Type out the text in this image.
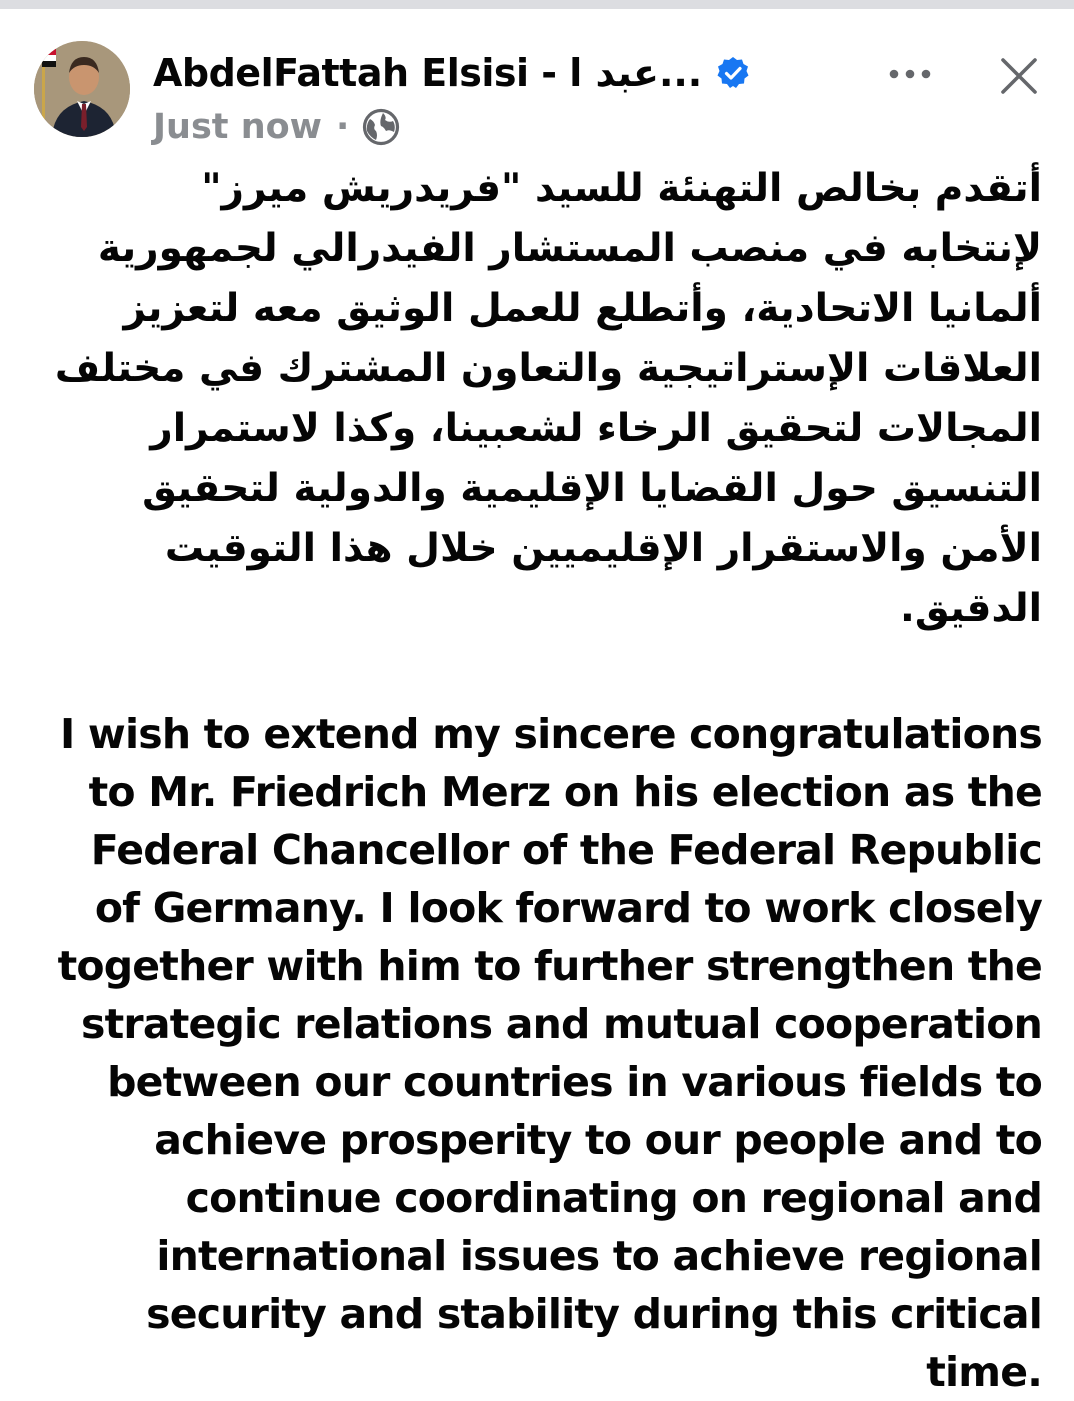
AbdelFattah Elsisi - عبد ا...
Just now ·
أتقدم بخالص التهنئة للسيد "فريدريش ميرز"
لإنتخابه في منصب المستشار الفيدرالي لجمهورية
ألمانيا الاتحادية، وأتطلع للعمل الوثيق معه لتعزيز
العلاقات الإستراتيجية والتعاون المشترك في مختلف
المجالات لتحقيق الرخاء لشعبينا، وكذا لاستمرار
التنسيق حول القضايا الإقليمية والدولية لتحقيق
الأمن والاستقرار الإقليميين خلال هذا التوقيت
الدقيق.
I wish to extend my sincere congratulations
to Mr. Friedrich Merz on his election as the
Federal Chancellor of the Federal Republic
of Germany. I look forward to work closely
together with him to further strengthen the
strategic relations and mutual cooperation
between our countries in various fields to
achieve prosperity to our people and to
continue coordinating on regional and
international issues to achieve regional
security and stability during this critical
time.
